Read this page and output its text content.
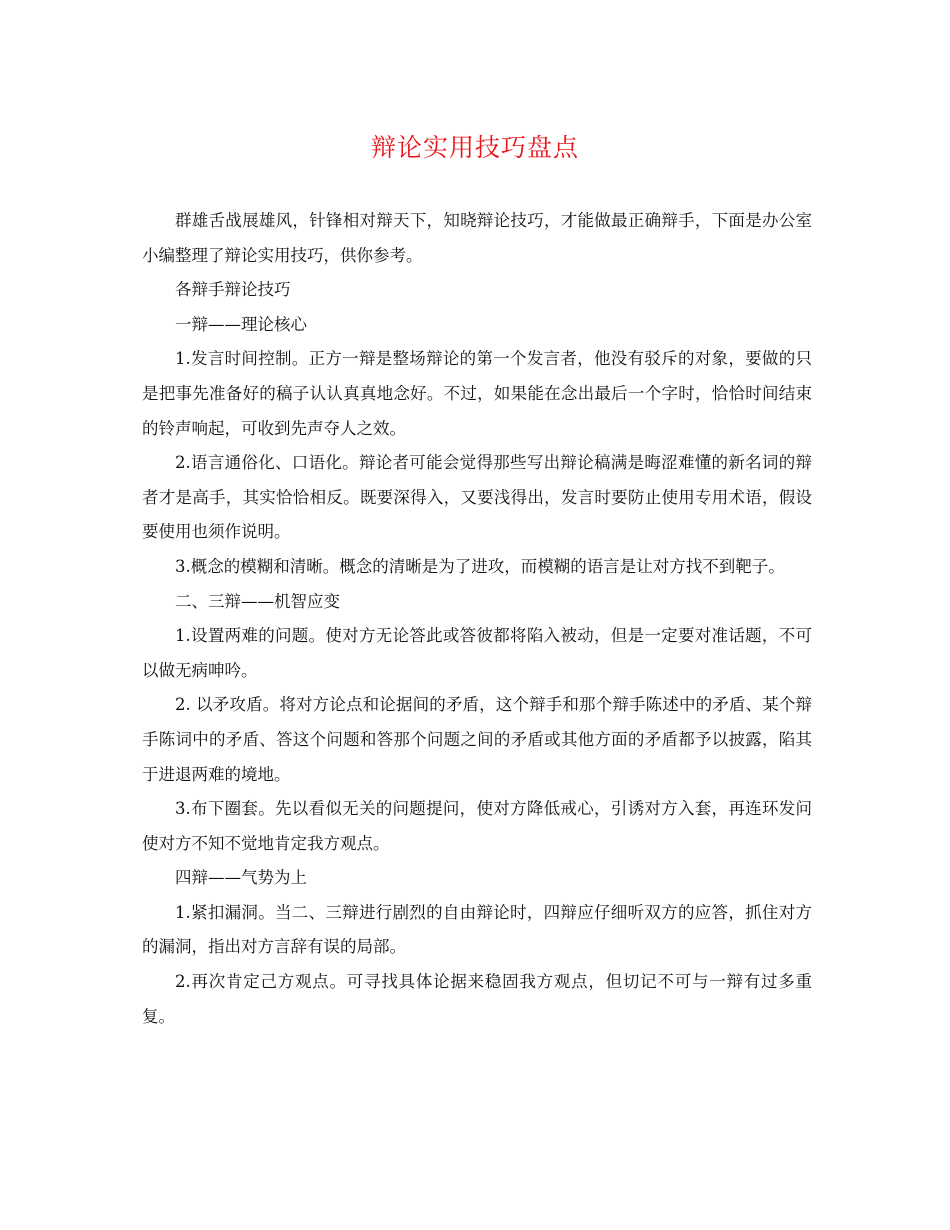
辩论实用技巧盘点

群雄舌战展雄风，针锋相对辩天下，知晓辩论技巧，才能做最正确辩手，下面是办公室小编整理了辩论实用技巧，供你参考。

各辩手辩论技巧

一辩——理论核心

1.发言时间控制。正方一辩是整场辩论的第一个发言者，他没有驳斥的对象，要做的只是把事先准备好的稿子认认真真地念好。不过，如果能在念出最后一个字时，恰恰时间结束的铃声响起，可收到先声夺人之效。

2.语言通俗化、口语化。辩论者可能会觉得那些写出辩论稿满是晦涩难懂的新名词的辩者才是高手，其实恰恰相反。既要深得入，又要浅得出，发言时要防止使用专用术语，假设要使用也须作说明。

3.概念的模糊和清晰。概念的清晰是为了进攻，而模糊的语言是让对方找不到靶子。

二、三辩——机智应变

1.设置两难的问题。使对方无论答此或答彼都将陷入被动，但是一定要对准话题，不可以做无病呻吟。

2. 以矛攻盾。将对方论点和论据间的矛盾，这个辩手和那个辩手陈述中的矛盾、某个辩手陈词中的矛盾、答这个问题和答那个问题之间的矛盾或其他方面的矛盾都予以披露，陷其于进退两难的境地。

3.布下圈套。先以看似无关的问题提问，使对方降低戒心，引诱对方入套，再连环发问使对方不知不觉地肯定我方观点。

四辩——气势为上

1.紧扣漏洞。当二、三辩进行剧烈的自由辩论时，四辩应仔细听双方的应答，抓住对方的漏洞，指出对方言辞有误的局部。

2.再次肯定己方观点。可寻找具体论据来稳固我方观点，但切记不可与一辩有过多重复。
